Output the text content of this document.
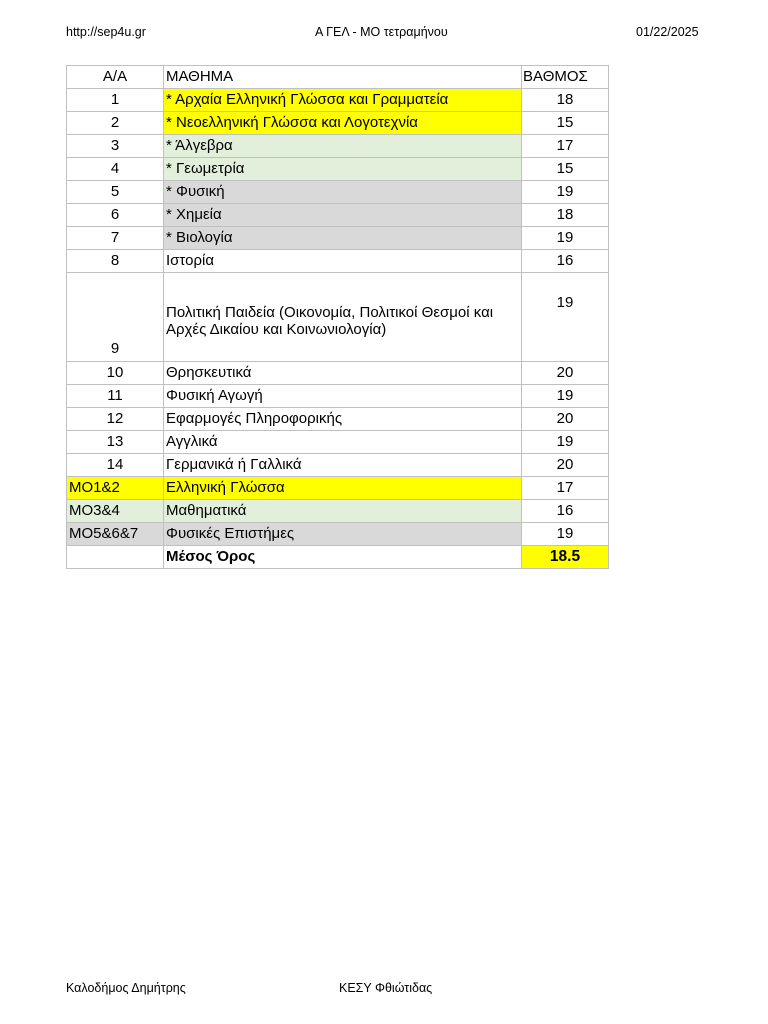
http://sep4u.gr	Α ΓΕΛ - ΜΟ τετραμήνου	01/22/2025
Α/Α	ΜΑΘΗΜΑ	ΒΑΘΜΟΣ
1	* Αρχαία Ελληνική Γλώσσα και Γραμματεία	18
2	* Νεοελληνική Γλώσσα και Λογοτεχνία	15
3	* Άλγεβρα	17
4	* Γεωμετρία	15
5	* Φυσική	19
6	* Χημεία	18
7	* Βιολογία	19
8	Ιστορία	16
9	Πολιτική Παιδεία (Οικονομία, Πολιτικοί Θεσμοί και Αρχές Δικαίου και Κοινωνιολογία)	19
10	Θρησκευτικά	20
11	Φυσική Αγωγή	19
12	Εφαρμογές Πληροφορικής	20
13	Αγγλικά	19
14	Γερμανικά ή Γαλλικά	20
ΜΟ1&2	Ελληνική Γλώσσα	17
ΜΟ3&4	Μαθηματικά	16
ΜΟ5&6&7	Φυσικές Επιστήμες	19
	Μέσος Όρος	18.5
Καλοδήμος Δημήτρης	ΚΕΣΥ Φθιώτιδας
